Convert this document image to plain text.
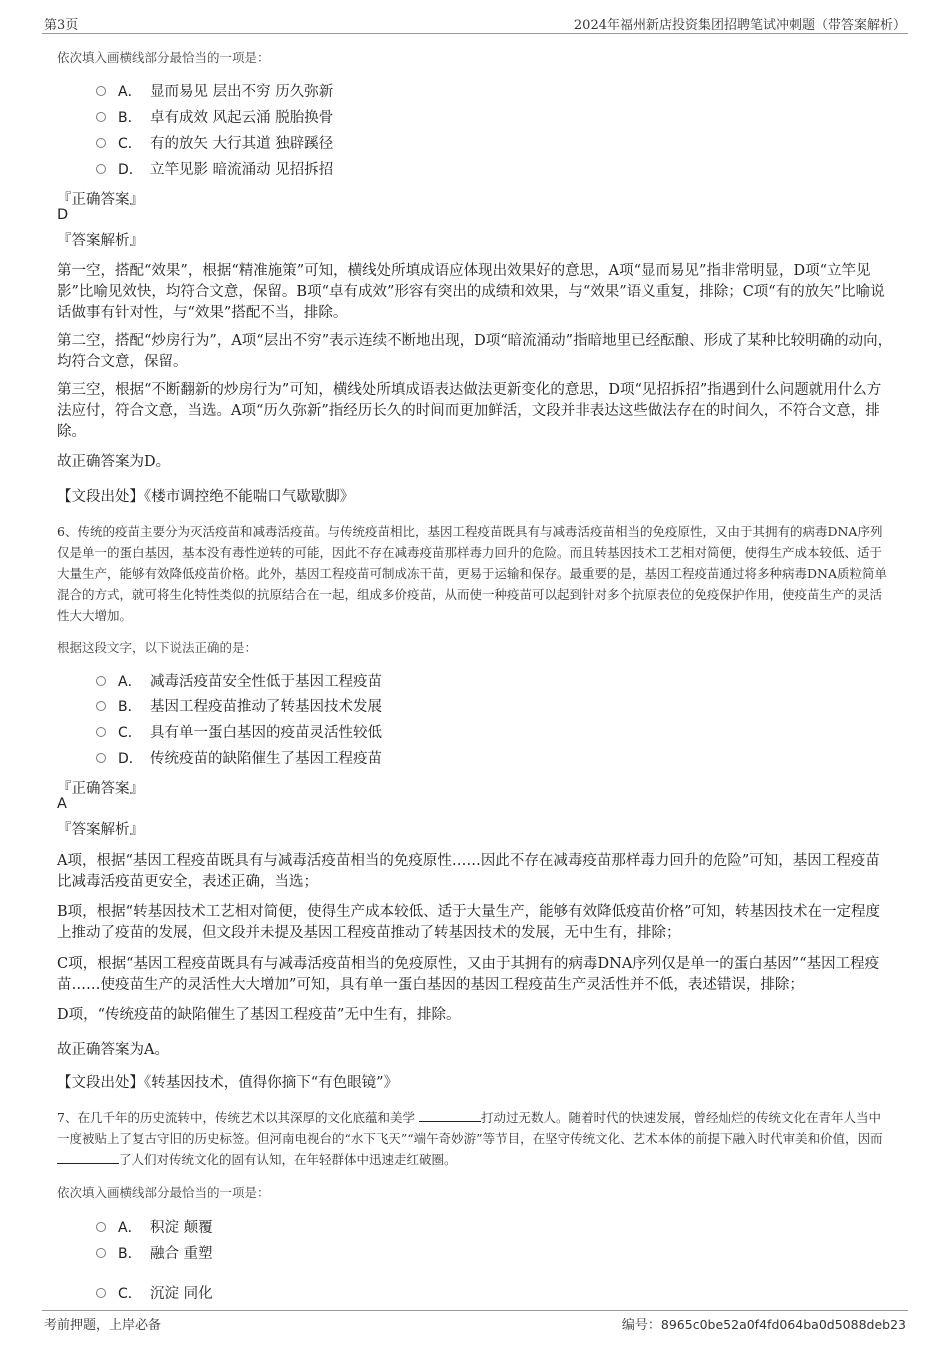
第3页	2024年福州新店投资集团招聘笔试冲刺题（带答案解析）
依次填入画横线部分最恰当的一项是：
A． 显而易见 层出不穷 历久弥新
B． 卓有成效 风起云涌 脱胎换骨
C． 有的放矢 大行其道 独辟蹊径
D． 立竿见影 暗流涌动 见招拆招
『正确答案』
D
『答案解析』

第一空，搭配“效果”，根据“精准施策”可知，横线处所填成语应体现出效果好的意思，A项“显而易见”指非常明显，D项“立竿见影”比喻见效快，均符合文意，保留。B项“卓有成效”形容有突出的成绩和效果，与“效果”语义重复，排除；C项“有的放矢”比喻说话做事有针对性，与“效果”搭配不当，排除。

第二空，搭配“炒房行为”，A项“层出不穷”表示连续不断地出现，D项“暗流涌动”指暗地里已经酝酿、形成了某种比较明确的动向，均符合文意，保留。

第三空，根据“不断翻新的炒房行为”可知，横线处所填成语表达做法更新变化的意思，D项“见招拆招”指遇到什么问题就用什么方法应付，符合文意，当选。A项“历久弥新”指经历长久的时间而更加鲜活，文段并非表达这些做法存在的时间久，不符合文意，排除。

故正确答案为D。

【文段出处】《楼市调控绝不能喘口气歇歇脚》

6、传统的疫苗主要分为灭活疫苗和减毒活疫苗。与传统疫苗相比，基因工程疫苗既具有与减毒活疫苗相当的免疫原性，又由于其拥有的病毒DNA序列仅是单一的蛋白基因，基本没有毒性逆转的可能，因此不存在减毒疫苗那样毒力回升的危险。而且转基因技术工艺相对简便，使得生产成本较低、适于大量生产，能够有效降低疫苗价格。此外，基因工程疫苗可制成冻干苗，更易于运输和保存。最重要的是，基因工程疫苗通过将多种病毒DNA质粒简单混合的方式，就可将生化特性类似的抗原结合在一起，组成多价疫苗，从而使一种疫苗可以起到针对多个抗原表位的免疫保护作用，使疫苗生产的灵活性大大增加。

根据这段文字，以下说法正确的是：
A． 减毒活疫苗安全性低于基因工程疫苗
B． 基因工程疫苗推动了转基因技术发展
C． 具有单一蛋白基因的疫苗灵活性较低
D． 传统疫苗的缺陷催生了基因工程疫苗
『正确答案』
A
『答案解析』

A项，根据“基因工程疫苗既具有与减毒活疫苗相当的免疫原性……因此不存在减毒疫苗那样毒力回升的危险”可知，基因工程疫苗比减毒活疫苗更安全，表述正确，当选；

B项，根据“转基因技术工艺相对简便，使得生产成本较低、适于大量生产，能够有效降低疫苗价格”可知，转基因技术在一定程度上推动了疫苗的发展，但文段并未提及基因工程疫苗推动了转基因技术的发展，无中生有，排除；

C项，根据“基因工程疫苗既具有与减毒活疫苗相当的免疫原性，又由于其拥有的病毒DNA序列仅是单一的蛋白基因”“基因工程疫苗……使疫苗生产的灵活性大大增加”可知，具有单一蛋白基因的基因工程疫苗生产灵活性并不低，表述错误，排除；

D项，“传统疫苗的缺陷催生了基因工程疫苗”无中生有，排除。

故正确答案为A。

【文段出处】《转基因技术，值得你摘下“有色眼镜”》

7、在几千年的历史流转中，传统艺术以其深厚的文化底蕴和美学	打动过无数人。随着时代的快速发展，曾经灿烂的传统文化在青年人当中一度被贴上了复古守旧的历史标签。但河南电视台的“水下飞天”“端午奇妙游”等节目，在坚守传统文化、艺术本体的前提下融入时代审美和价值，因而 了人们对传统文化的固有认知，在年轻群体中迅速走红破圈。

依次填入画横线部分最恰当的一项是：
A． 积淀 颠覆
B． 融合 重塑
C． 沉淀 同化
考前押题，上岸必备	编号：8965c0be52a0f4fd064ba0d5088deb23
